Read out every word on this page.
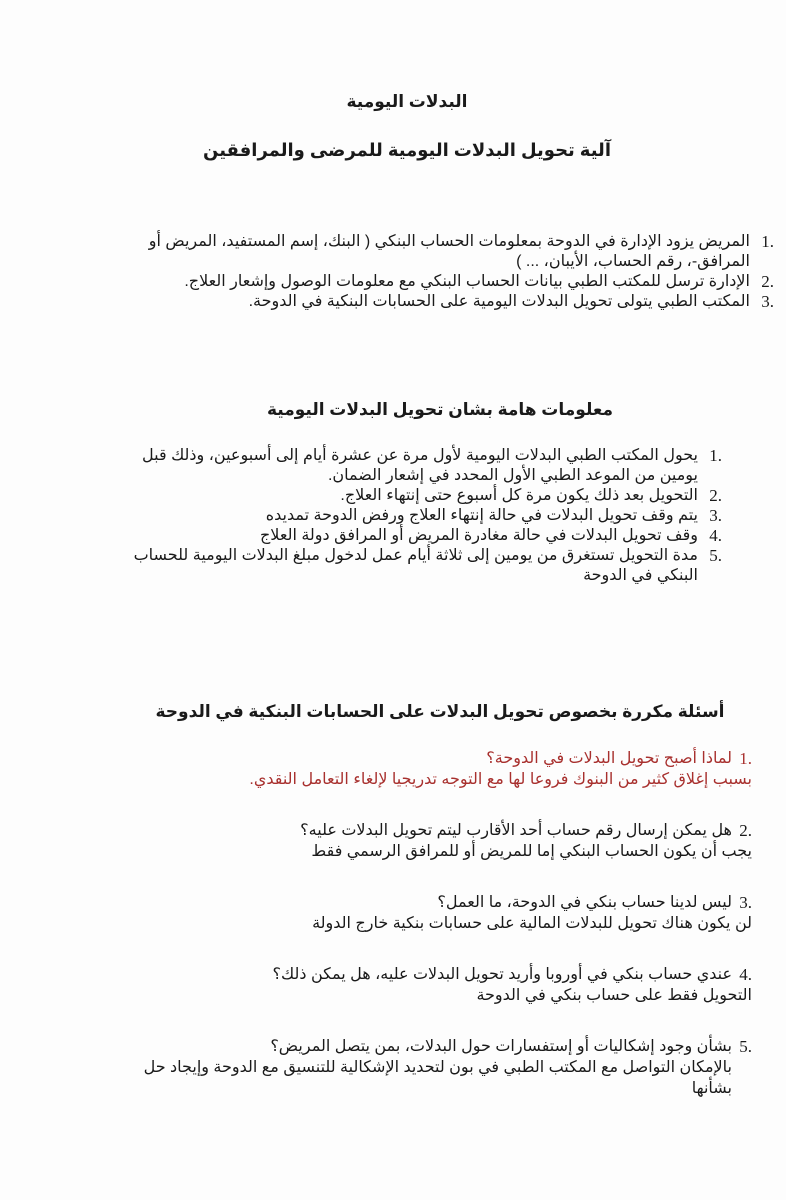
البدلات اليومية
آلية تحويل البدلات اليومية للمرضى والمرافقين
1.
المريض يزود الإدارة في الدوحة بمعلومات الحساب البنكي ( البنك، إسم المستفيد، المريض أو المرافق-، رقم الحساب، الأيبان، ... )
2.
الإدارة ترسل للمكتب الطبي بيانات الحساب البنكي مع معلومات الوصول وإشعار العلاج.
3.
المكتب الطبي يتولى تحويل البدلات اليومية على الحسابات البنكية في الدوحة.
معلومات هامة بشان تحويل البدلات اليومية
1.
يحول المكتب الطبي البدلات اليومية لأول مرة عن عشرة أيام إلى أسبوعين، وذلك قبل يومين من الموعد الطبي الأول المحدد في إشعار الضمان.
2.
التحويل بعد ذلك يكون مرة كل أسبوع حتى إنتهاء العلاج.
3.
يتم وقف تحويل البدلات في حالة إنتهاء العلاج ورفض الدوحة تمديده
4.
وقف تحويل البدلات في حالة مغادرة المريض أو المرافق دولة العلاج
5.
مدة التحويل تستغرق من يومين إلى ثلاثة أيام عمل لدخول مبلغ البدلات اليومية للحساب البنكي في الدوحة
أسئلة مكررة بخصوص تحويل البدلات على الحسابات البنكية في الدوحة
1.
لماذا أصبح تحويل البدلات في الدوحة؟
بسبب إغلاق كثير من البنوك فروعا لها مع التوجه تدريجيا لإلغاء التعامل النقدي.
2.
هل يمكن إرسال رقم حساب أحد الأقارب ليتم تحويل البدلات عليه؟
يجب أن يكون الحساب البنكي إما للمريض أو للمرافق الرسمي فقط
3.
ليس لدينا حساب بنكي في الدوحة، ما العمل؟
لن يكون هناك تحويل للبدلات المالية على حسابات بنكية خارج الدولة
4.
عندي حساب بنكي في أوروبا وأريد تحويل البدلات عليه، هل يمكن ذلك؟
التحويل فقط على حساب بنكي في الدوحة
5.
بشأن وجود إشكاليات أو إستفسارات حول البدلات، بمن يتصل المريض؟
بالإمكان التواصل مع المكتب الطبي في بون لتحديد الإشكالية للتنسيق مع الدوحة وإيجاد حل بشأنها
